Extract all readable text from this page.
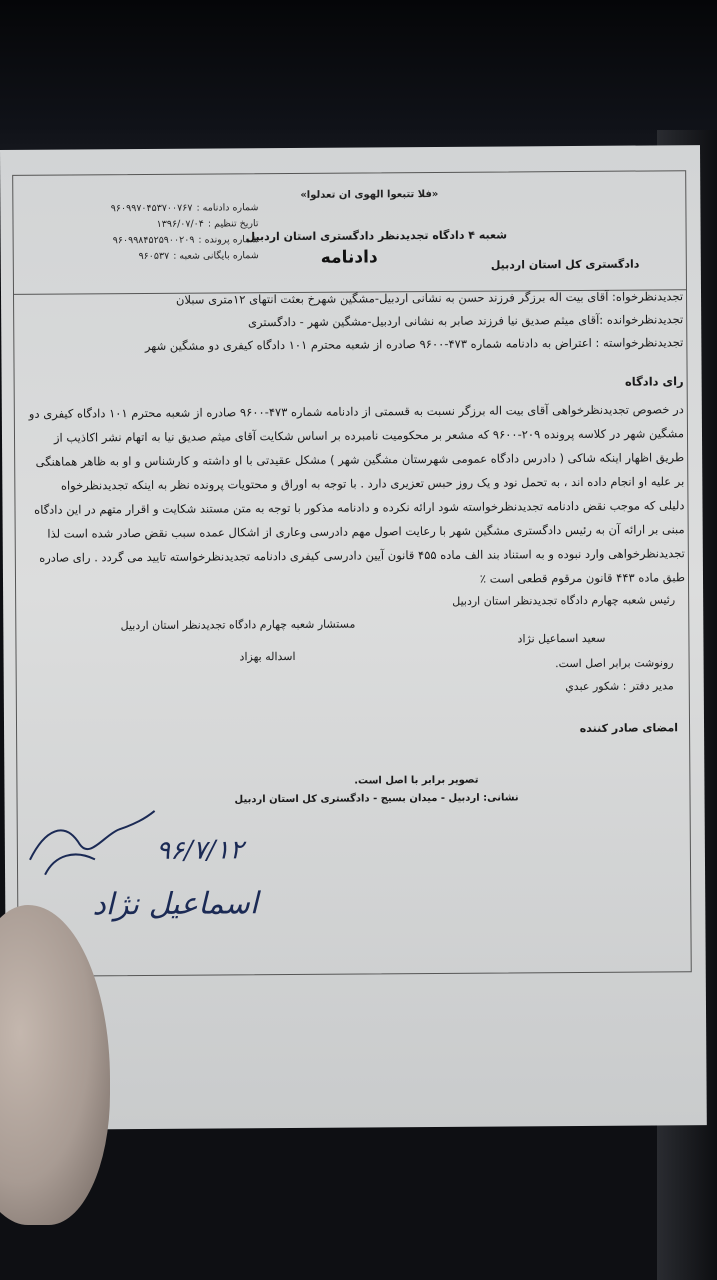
شماره دادنامه :
۹۶۰۹۹۷۰۴۵۳۷۰۰۷۶۷
تاریخ تنظیم :
۱۳۹۶/۰۷/۰۴
شماره پرونده :
۹۶۰۹۹۸۴۵۲۵۹۰۰۲۰۹
شماره بایگانی شعبه :
۹۶۰۵۳۷
«فلا تتبعوا الهوی ان تعدلوا»
شعبه ۴ دادگاه تجدیدنظر دادگستری استان اردبیل
دادنامه	دادگستری کل استان اردبیل
تجدیدنظرخواه: آقای بیت اله برزگر فرزند حسن به نشانی اردبیل-مشگین شهرخ بعثت انتهای ۱۲متری سبلان
تجدیدنظرخوانده :آقای میثم صدیق نیا فرزند صابر به نشانی اردبیل-مشگین شهر - دادگستری
تجدیدنظرخواسته : اعتراض به دادنامه شماره ۴۷۳-۹۶۰۰ صادره از شعبه محترم ۱۰۱ دادگاه کیفری دو مشگین شهر
رای دادگاه
در خصوص تجدیدنظرخواهی آقای بیت اله برزگر نسبت به قسمتی از دادنامه شماره ۴۷۳-۹۶۰۰ صادره از شعبه محترم ۱۰۱ دادگاه کیفری دو
مشگین شهر در کلاسه پرونده ۲۰۹-۹۶۰۰ که مشعر بر محکومیت نامبرده بر اساس شکایت آقای میثم صدیق نیا به اتهام نشر اکاذیب از
طریق اظهار اینکه شاکی ( دادرس دادگاه عمومی شهرستان مشگین شهر ) مشکل عقیدتی با او داشته و کارشناس و او به ظاهر هماهنگی
بر علیه او انجام داده اند ، به تحمل نود و یک روز حبس تعزیری دارد . با توجه به اوراق و محتویات پرونده نظر به اینکه تجدیدنظرخواه
دلیلی که موجب نقض دادنامه تجدیدنظرخواسته شود ارائه نکرده و دادنامه مذکور با توجه به متن مستند شکایت و اقرار متهم در این دادگاه
مبنی بر ارائه آن به رئیس دادگستری مشگین شهر با رعایت اصول مهم دادرسی وعاری از اشکال عمده سبب نقض صادر شده است لذا
تجدیدنظرخواهی وارد نبوده و به استناد بند الف ماده ۴۵۵ قانون آیین دادرسی کیفری دادنامه تجدیدنظرخواسته تایید می گردد . رای صادره
طبق ماده ۴۴۳ قانون مرقوم قطعی است ٪
رئیس شعبه چهارم دادگاه تجدیدنظر استان اردبیل
مستشار شعبه چهارم دادگاه تجدیدنظر استان اردبیل
سعید اسماعیل نژاد
اسداله بهزاد	رونوشت برابر اصل است.
مدیر دفتر : شکور عبدي
امضای صادر کننده
تصویر برابر با اصل است.
نشانی: اردبیل - میدان بسیج - دادگستری کل استان اردبیل
۹۶/۷/۱۲
اسماعیل نژاد
